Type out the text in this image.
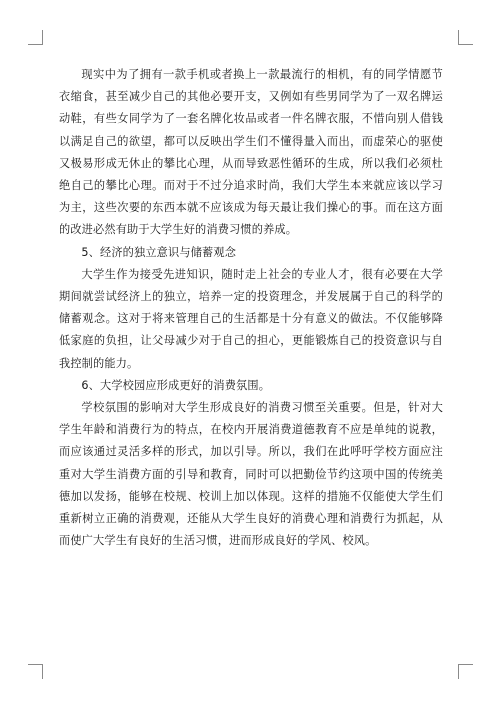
现实中为了拥有一款手机或者换上一款最流行的相机，有的同学情愿节衣缩食，甚至减少自己的其他必要开支，又例如有些男同学为了一双名牌运动鞋，有些女同学为了一套名牌化妆品或者一件名牌衣服，不惜向别人借钱以满足自己的欲望，都可以反映出学生们不懂得量入而出，而虚荣心的驱使又极易形成无休止的攀比心理，从而导致恶性循环的生成，所以我们必须杜绝自己的攀比心理。而对于不过分追求时尚，我们大学生本来就应该以学习为主，这些次要的东西本就不应该成为每天最让我们操心的事。而在这方面的改进必然有助于大学生好的消费习惯的养成。

5、经济的独立意识与储蓄观念

大学生作为接受先进知识，随时走上社会的专业人才，很有必要在大学期间就尝试经济上的独立，培养一定的投资理念，并发展属于自己的科学的储蓄观念。这对于将来管理自己的生活都是十分有意义的做法。不仅能够降低家庭的负担，让父母减少对于自己的担心，更能锻炼自己的投资意识与自我控制的能力。

6、大学校园应形成更好的消费氛围。

学校氛围的影响对大学生形成良好的消费习惯至关重要。但是，针对大学生年龄和消费行为的特点，在校内开展消费道德教育不应是单纯的说教，而应该通过灵活多样的形式，加以引导。所以，我们在此呼吁学校方面应注重对大学生消费方面的引导和教育，同时可以把勤俭节约这项中国的传统美德加以发扬，能够在校规、校训上加以体现。这样的措施不仅能使大学生们重新树立正确的消费观，还能从大学生良好的消费心理和消费行为抓起，从而使广大学生有良好的生活习惯，进而形成良好的学风、校风。
